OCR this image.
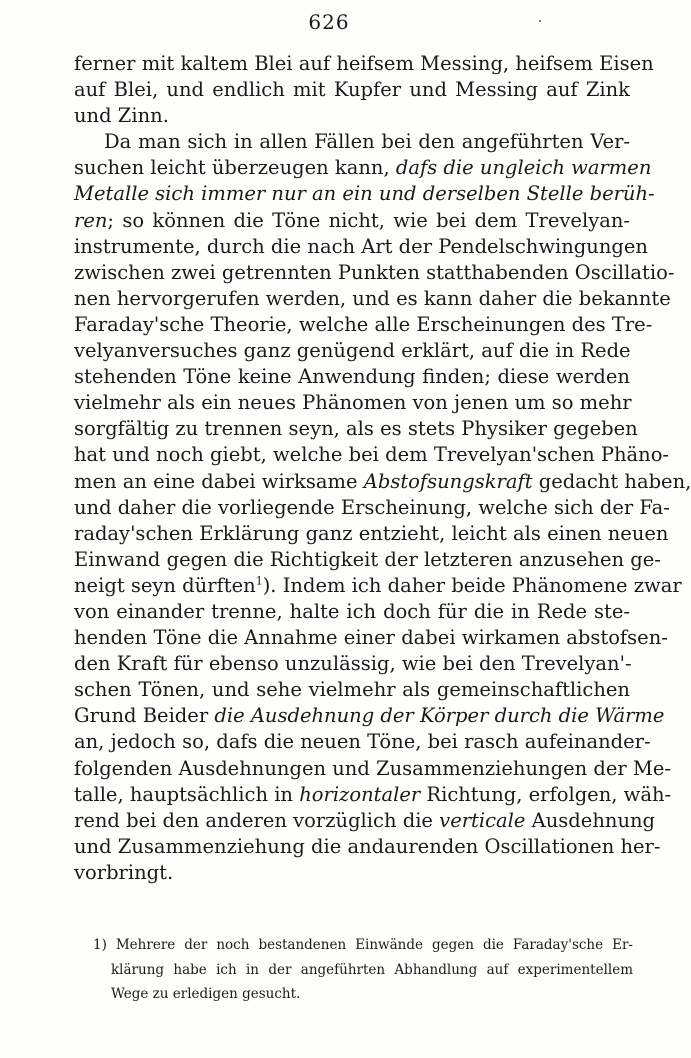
626
ferner mit kaltem Blei auf heifsem Messing, heifsem Eisen
auf Blei, und endlich mit Kupfer und Messing auf Zink
und Zinn.
Da man sich in allen Fällen bei den angeführten Ver-
suchen leicht überzeugen kann, dafs die ungleich warmen
Metalle sich immer nur an ein und derselben Stelle berüh-
ren; so können die Töne nicht, wie bei dem Trevelyan-
instrumente, durch die nach Art der Pendelschwingungen
zwischen zwei getrennten Punkten statthabenden Oscillatio-
nen hervorgerufen werden, und es kann daher die bekannte
Faraday'sche Theorie, welche alle Erscheinungen des Tre-
velyanversuches ganz genügend erklärt, auf die in Rede
stehenden Töne keine Anwendung finden; diese werden
vielmehr als ein neues Phänomen von jenen um so mehr
sorgfältig zu trennen seyn, als es stets Physiker gegeben
hat und noch giebt, welche bei dem Trevelyan'schen Phäno-
men an eine dabei wirksame Abstofsungskraft gedacht haben,
und daher die vorliegende Erscheinung, welche sich der Fa-
raday'schen Erklärung ganz entzieht, leicht als einen neuen
Einwand gegen die Richtigkeit der letzteren anzusehen ge-
neigt seyn dürften$^1$). Indem ich daher beide Phänomene zwar
von einander trenne, halte ich doch für die in Rede ste-
henden Töne die Annahme einer dabei wirkamen abstofsen-
den Kraft für ebenso unzulässig, wie bei den Trevelyan'-
schen Tönen, und sehe vielmehr als gemeinschaftlichen
Grund Beider die Ausdehnung der Körper durch die Wärme
an, jedoch so, dafs die neuen Töne, bei rasch aufeinander-
folgenden Ausdehnungen und Zusammenziehungen der Me-
talle, hauptsächlich in horizontaler Richtung, erfolgen, wäh-
rend bei den anderen vorzüglich die verticale Ausdehnung
und Zusammenziehung die andaurenden Oscillationen her-
vorbringt.
1) Mehrere der noch bestandenen Einwände gegen die Faraday'sche Er-
klärung habe ich in der angeführten Abhandlung auf experimentellem
Wege zu erledigen gesucht.
